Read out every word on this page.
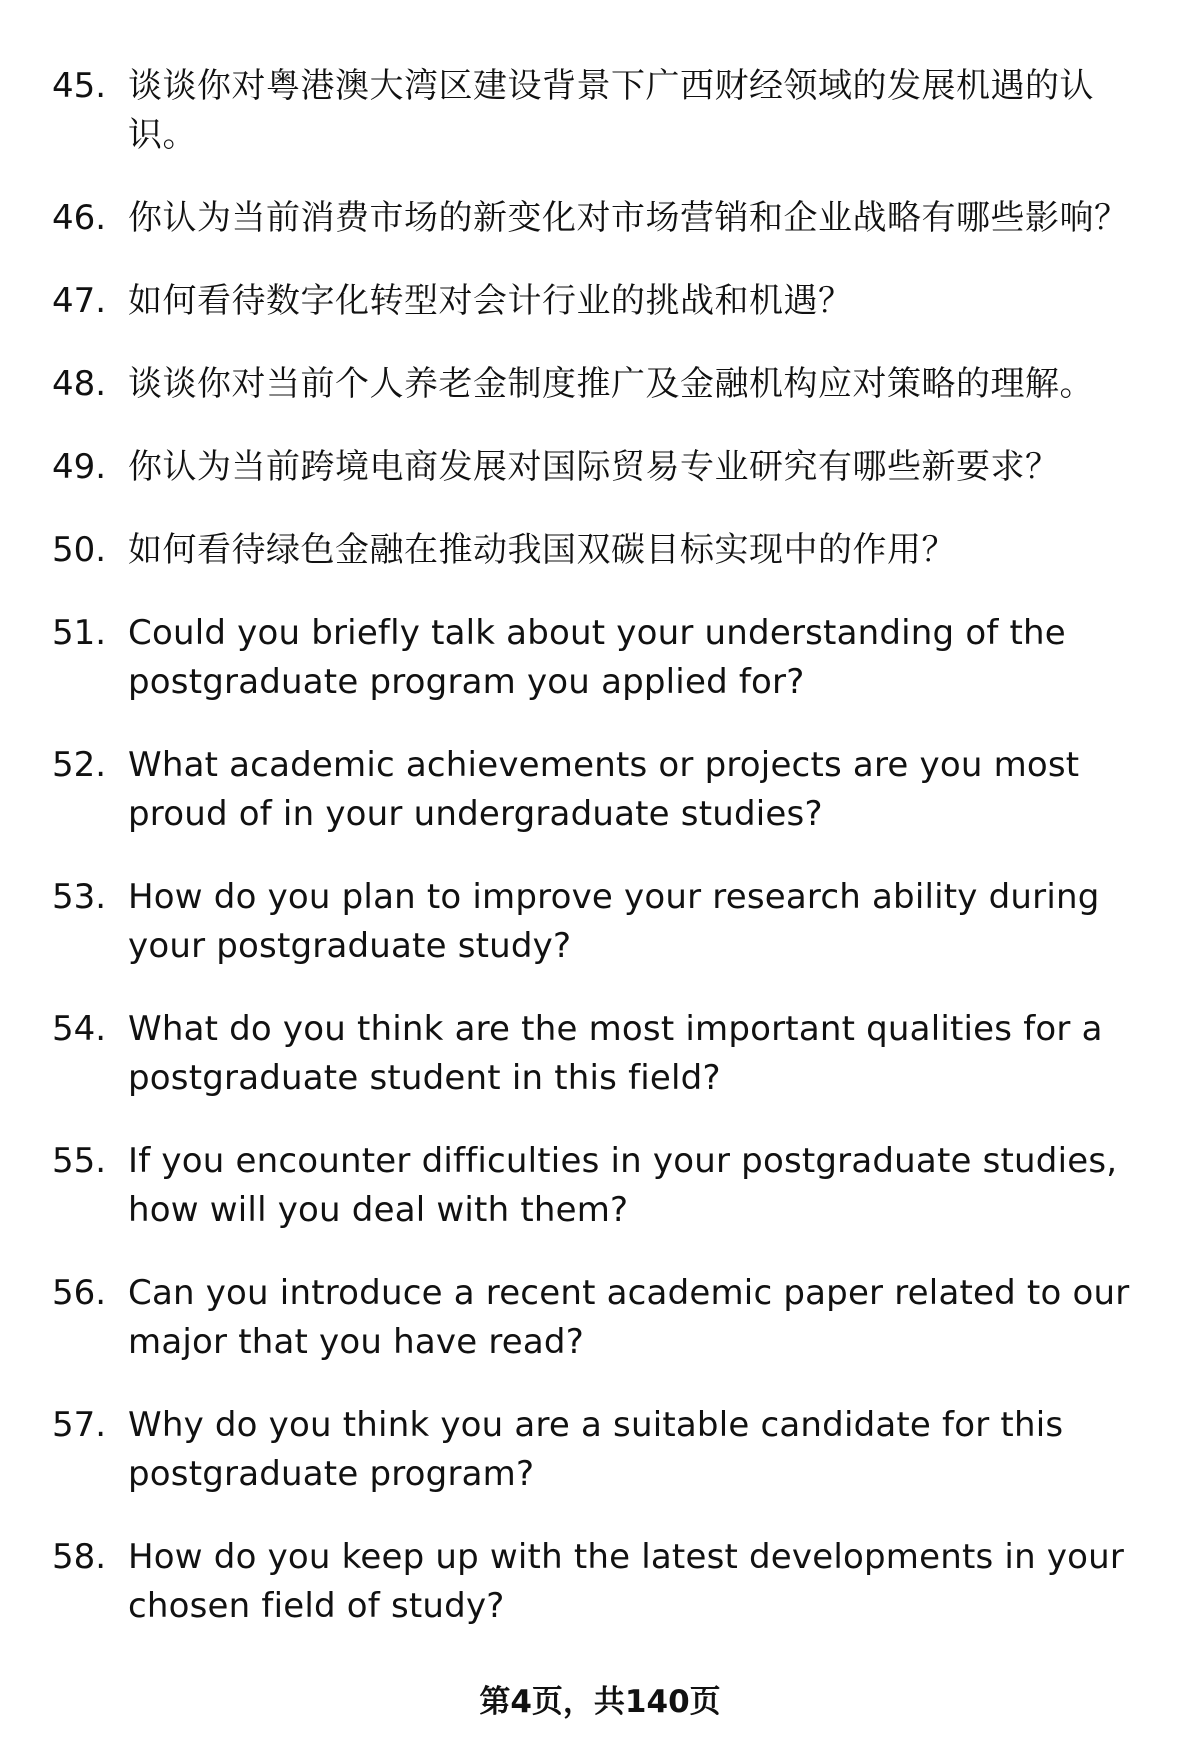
45. 谈谈你对粤港澳大湾区建设背景下广西财经领域的发展机遇的认识。
46. 你认为当前消费市场的新变化对市场营销和企业战略有哪些影响？
47. 如何看待数字化转型对会计行业的挑战和机遇？
48. 谈谈你对当前个人养老金制度推广及金融机构应对策略的理解。
49. 你认为当前跨境电商发展对国际贸易专业研究有哪些新要求？
50. 如何看待绿色金融在推动我国双碳目标实现中的作用？
51. Could you briefly talk about your understanding of the postgraduate program you applied for?
52. What academic achievements or projects are you most proud of in your undergraduate studies?
53. How do you plan to improve your research ability during your postgraduate study?
54. What do you think are the most important qualities for a postgraduate student in this field?
55. If you encounter difficulties in your postgraduate studies, how will you deal with them?
56. Can you introduce a recent academic paper related to our major that you have read?
57. Why do you think you are a suitable candidate for this postgraduate program?
58. How do you keep up with the latest developments in your chosen field of study?
第4页，共140页
